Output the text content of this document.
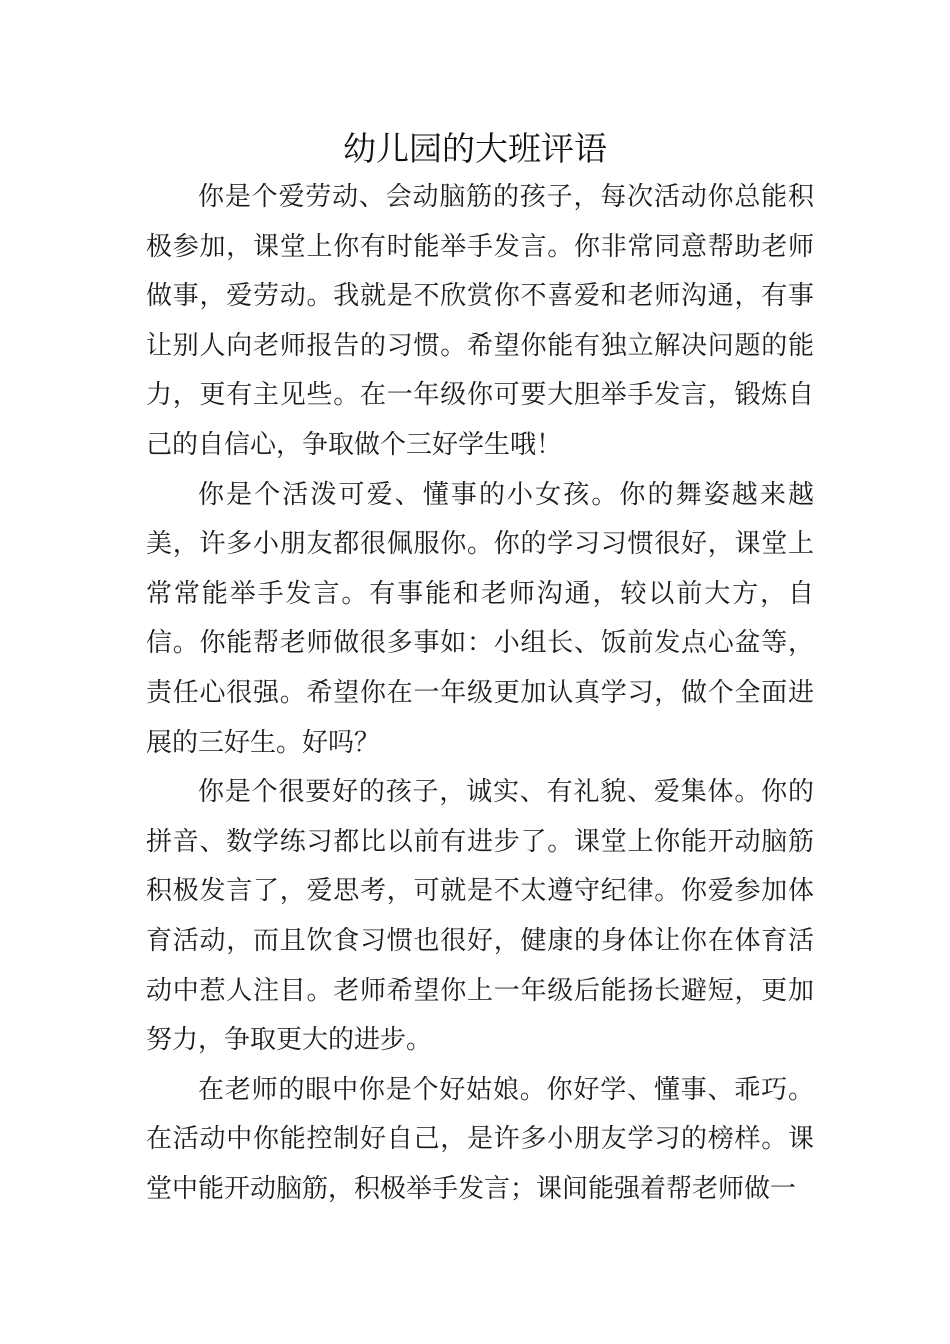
幼儿园的大班评语

你是个爱劳动、会动脑筋的孩子，每次活动你总能积极参加，课堂上你有时能举手发言。你非常同意帮助老师做事，爱劳动。我就是不欣赏你不喜爱和老师沟通，有事让别人向老师报告的习惯。希望你能有独立解决问题的能力，更有主见些。在一年级你可要大胆举手发言，锻炼自己的自信心，争取做个三好学生哦！

你是个活泼可爱、懂事的小女孩。你的舞姿越来越美，许多小朋友都很佩服你。你的学习习惯很好，课堂上常常能举手发言。有事能和老师沟通，较以前大方，自信。你能帮老师做很多事如：小组长、饭前发点心盆等，责任心很强。希望你在一年级更加认真学习，做个全面进展的三好生。好吗？

你是个很要好的孩子，诚实、有礼貌、爱集体。你的拼音、数学练习都比以前有进步了。课堂上你能开动脑筋积极发言了，爱思考，可就是不太遵守纪律。你爱参加体育活动，而且饮食习惯也很好，健康的身体让你在体育活动中惹人注目。老师希望你上一年级后能扬长避短，更加努力，争取更大的进步。

在老师的眼中你是个好姑娘。你好学、懂事、乖巧。在活动中你能控制好自己，是许多小朋友学习的榜样。课堂中能开动脑筋，积极举手发言；课间能强着帮老师做一
